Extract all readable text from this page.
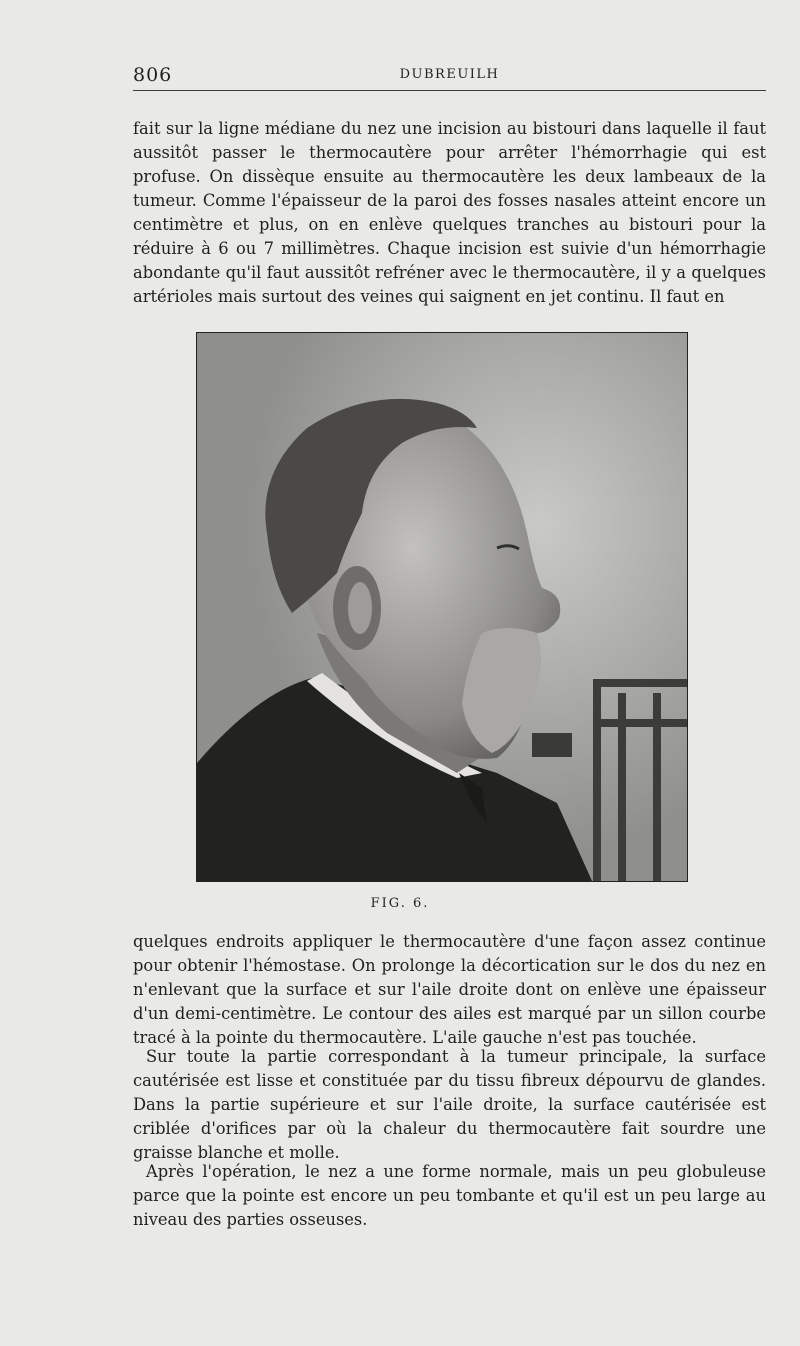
806	DUBREUILH

fait sur la ligne médiane du nez une incision au bistouri dans laquelle il faut aussitôt passer le thermocautère pour arrêter l'hémorrhagie qui est profuse. On dissèque ensuite au thermocautère les deux lambeaux de la tumeur. Comme l'épaisseur de la paroi des fosses nasales atteint encore un centimètre et plus, on en enlève quelques tranches au bistouri pour la réduire à 6 ou 7 millimètres. Chaque incision est suivie d'un hémorrhagie abondante qu'il faut aussitôt refréner avec le thermocautère, il y a quelques artérioles mais surtout des veines qui saignent en jet continu. Il faut en

FIG. 6.

quelques endroits appliquer le thermocautère d'une façon assez continue pour obtenir l'hémostase. On prolonge la décortication sur le dos du nez en n'enlevant que la surface et sur l'aile droite dont on enlève une épaisseur d'un demi-centimètre. Le contour des ailes est marqué par un sillon courbe tracé à la pointe du thermocautère. L'aile gauche n'est pas touchée.

Sur toute la partie correspondant à la tumeur principale, la surface cautérisée est lisse et constituée par du tissu fibreux dépourvu de glandes. Dans la partie supérieure et sur l'aile droite, la surface cautérisée est criblée d'orifices par où la chaleur du thermocautère fait sourdre une graisse blanche et molle.

Après l'opération, le nez a une forme normale, mais un peu globuleuse parce que la pointe est encore un peu tombante et qu'il est un peu large au niveau des parties osseuses.
